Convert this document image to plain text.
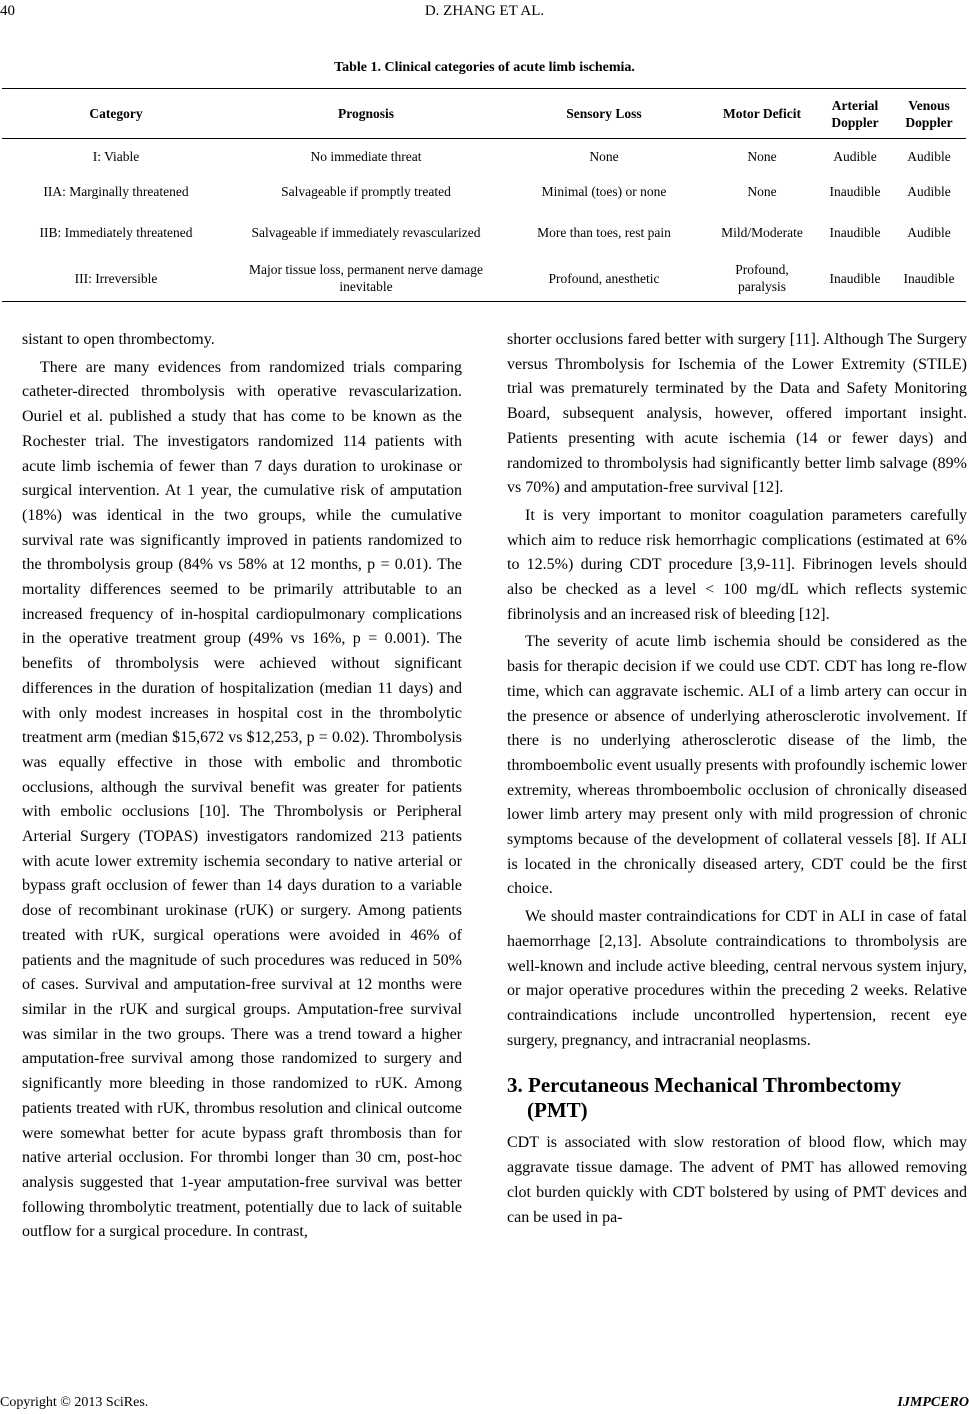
40	D. ZHANG ET AL.
Table 1. Clinical categories of acute limb ischemia.
Category	Prognosis	Sensory Loss	Motor Deficit	Arterial Doppler	Venous Doppler
I: Viable	No immediate threat	None	None	Audible	Audible
IIA: Marginally threatened	Salvageable if promptly treated	Minimal (toes) or none	None	Inaudible	Audible
IIB: Immediately threatened	Salvageable if immediately revascularized	More than toes, rest pain	Mild/Moderate	Inaudible	Audible
III: Irreversible	Major tissue loss, permanent nerve damage inevitable	Profound, anesthetic	Profound, paralysis	Inaudible	Inaudible

sistant to open thrombectomy.

There are many evidences from randomized trials comparing catheter-directed thrombolysis with operative revascularization. Ouriel et al. published a study that has come to be known as the Rochester trial. The investigators randomized 114 patients with acute limb ischemia of fewer than 7 days duration to urokinase or surgical intervention. At 1 year, the cumulative risk of amputation (18%) was identical in the two groups, while the cumulative survival rate was significantly improved in patients randomized to the thrombolysis group (84% vs 58% at 12 months, p = 0.01). The mortality differences seemed to be primarily attributable to an increased frequency of in-hospital cardiopulmonary complications in the operative treatment group (49% vs 16%, p = 0.001). The benefits of thrombolysis were achieved without significant differences in the duration of hospitalization (median 11 days) and with only modest increases in hospital cost in the thrombolytic treatment arm (median $15,672 vs $12,253, p = 0.02). Thrombolysis was equally effective in those with embolic and thrombotic occlusions, although the survival benefit was greater for patients with embolic occlusions [10]. The Thrombolysis or Peripheral Arterial Surgery (TOPAS) investigators randomized 213 patients with acute lower extremity ischemia secondary to native arterial or bypass graft occlusion of fewer than 14 days duration to a variable dose of recombinant urokinase (rUK) or surgery. Among patients treated with rUK, surgical operations were avoided in 46% of patients and the magnitude of such procedures was reduced in 50% of cases. Survival and amputation-free survival at 12 months were similar in the rUK and surgical groups. Amputation-free survival was similar in the two groups. There was a trend toward a higher amputation-free survival among those randomized to surgery and significantly more bleeding in those randomized to rUK. Among patients treated with rUK, thrombus resolution and clinical outcome were somewhat better for acute bypass graft thrombosis than for native arterial occlusion. For thrombi longer than 30 cm, post-hoc analysis suggested that 1-year amputation-free survival was better following thrombolytic treatment, potentially due to lack of suitable outflow for a surgical procedure. In contrast,

shorter occlusions fared better with surgery [11]. Although The Surgery versus Thrombolysis for Ischemia of the Lower Extremity (STILE) trial was prematurely terminated by the Data and Safety Monitoring Board, subsequent analysis, however, offered important insight. Patients presenting with acute ischemia (14 or fewer days) and randomized to thrombolysis had significantly better limb salvage (89% vs 70%) and amputation-free survival [12].

It is very important to monitor coagulation parameters carefully which aim to reduce risk hemorrhagic complications (estimated at 6% to 12.5%) during CDT procedure [3,9-11]. Fibrinogen levels should also be checked as a level < 100 mg/dL which reflects systemic fibrinolysis and an increased risk of bleeding [12].

The severity of acute limb ischemia should be considered as the basis for therapic decision if we could use CDT. CDT has long re-flow time, which can aggravate ischemic. ALI of a limb artery can occur in the presence or absence of underlying atherosclerotic involvement. If there is no underlying atherosclerotic disease of the limb, the thromboembolic event usually presents with profoundly ischemic lower extremity, whereas thromboembolic occlusion of chronically diseased lower limb artery may present only with mild progression of chronic symptoms because of the development of collateral vessels [8]. If ALI is located in the chronically diseased artery, CDT could be the first choice.

We should master contraindications for CDT in ALI in case of fatal haemorrhage [2,13]. Absolute contraindications to thrombolysis are well-known and include active bleeding, central nervous system injury, or major operative procedures within the preceding 2 weeks. Relative contraindications include uncontrolled hypertension, recent eye surgery, pregnancy, and intracranial neoplasms.

3. Percutaneous Mechanical Thrombectomy (PMT)

CDT is associated with slow restoration of blood flow, which may aggravate tissue damage. The advent of PMT has allowed removing clot burden quickly with CDT bolstered by using of PMT devices and can be used in pa-

Copyright © 2013 SciRes.	IJMPCERO
